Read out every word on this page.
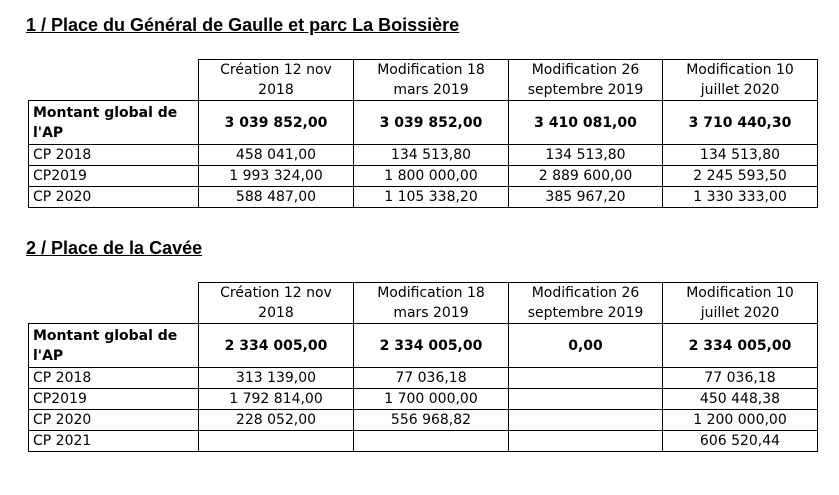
1 / Place du Général de Gaulle et parc La Boissière
	Création 12 nov 2018	Modification 18 mars 2019	Modification 26 septembre 2019	Modification 10 juillet 2020
Montant global de l'AP	3 039 852,00	3 039 852,00	3 410 081,00	3 710 440,30
CP 2018	458 041,00	134 513,80	134 513,80	134 513,80
CP2019	1 993 324,00	1 800 000,00	2 889 600,00	2 245 593,50
CP 2020	588 487,00	1 105 338,20	385 967,20	1 330 333,00
2 / Place de la Cavée
	Création 12 nov 2018	Modification 18 mars 2019	Modification 26 septembre 2019	Modification 10 juillet 2020
Montant global de l'AP	2 334 005,00	2 334 005,00	0,00	2 334 005,00
CP 2018	313 139,00	77 036,18		77 036,18
CP2019	1 792 814,00	1 700 000,00		450 448,38
CP 2020	228 052,00	556 968,82		1 200 000,00
CP 2021				606 520,44
